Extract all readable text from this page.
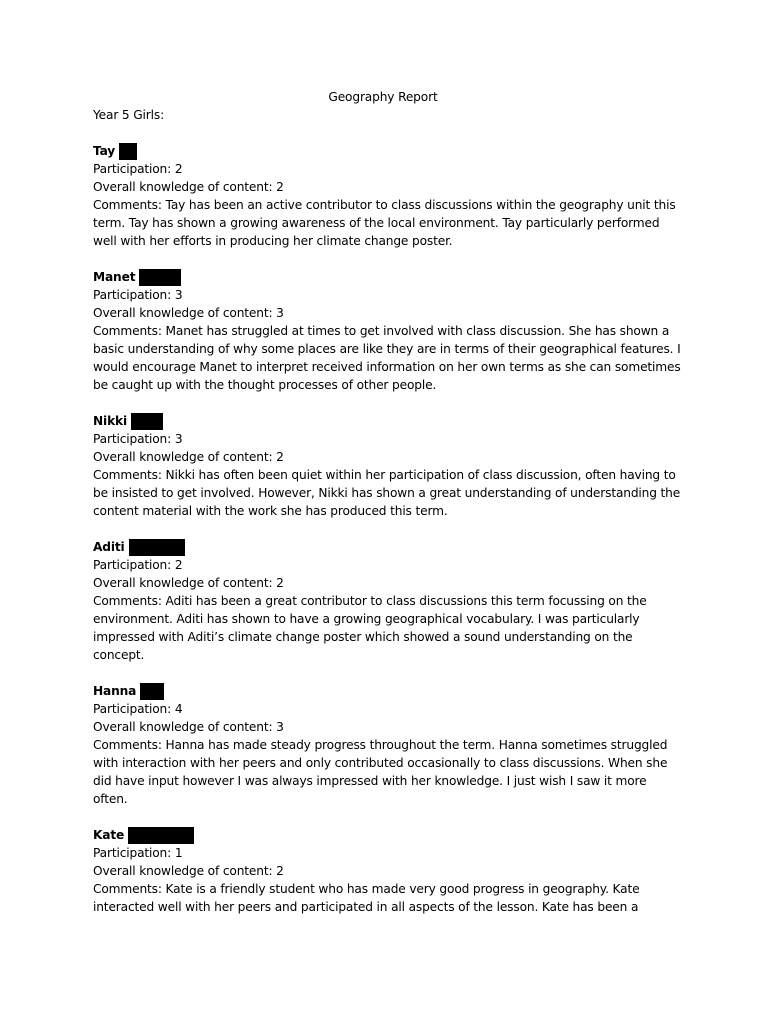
Geography Report

Year 5 Girls:

Tay

Participation: 2

Overall knowledge of content: 2

Comments: Tay has been an active contributor to class discussions within the geography unit this term. Tay has shown a growing awareness of the local environment. Tay particularly performed well with her efforts in producing her climate change poster.

Manet

Participation: 3

Overall knowledge of content: 3

Comments: Manet has struggled at times to get involved with class discussion. She has shown a basic understanding of why some places are like they are in terms of their geographical features. I would encourage Manet to interpret received information on her own terms as she can sometimes be caught up with the thought processes of other people.

Nikki

Participation: 3

Overall knowledge of content: 2

Comments: Nikki has often been quiet within her participation of class discussion, often having to be insisted to get involved. However, Nikki has shown a great understanding of understanding the content material with the work she has produced this term.

Aditi

Participation: 2

Overall knowledge of content: 2

Comments: Aditi has been a great contributor to class discussions this term focussing on the environment. Aditi has shown to have a growing geographical vocabulary. I was particularly impressed with Aditi’s climate change poster which showed a sound understanding on the concept.

Hanna

Participation: 4

Overall knowledge of content: 3

Comments: Hanna has made steady progress throughout the term. Hanna sometimes struggled with interaction with her peers and only contributed occasionally to class discussions. When she did have input however I was always impressed with her knowledge. I just wish I saw it more often.

Kate

Participation: 1

Overall knowledge of content: 2

Comments: Kate is a friendly student who has made very good progress in geography. Kate interacted well with her peers and participated in all aspects of the lesson. Kate has been a
